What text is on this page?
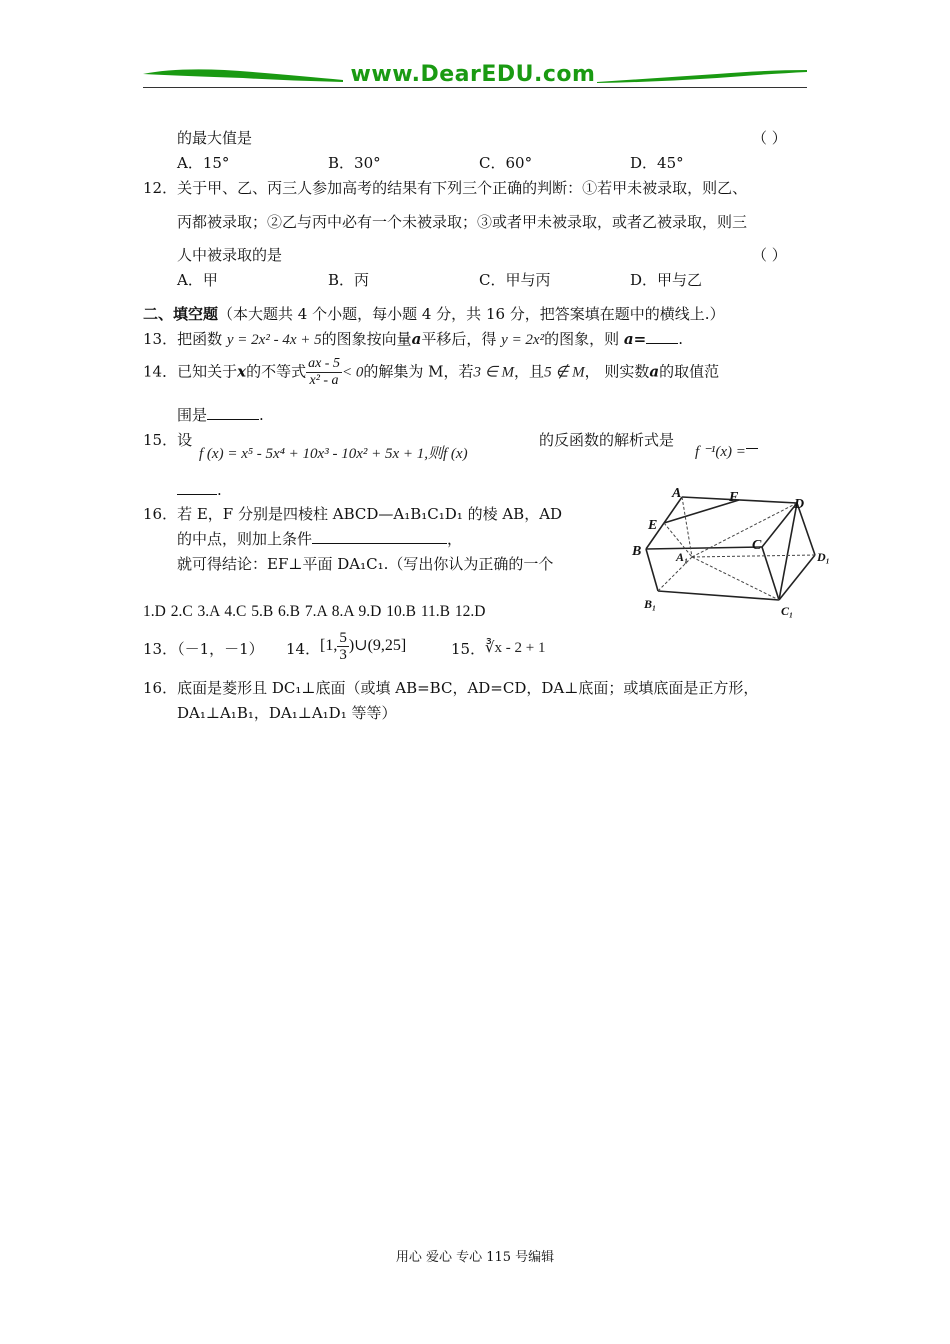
www.DearEDU.com
的最大值是	（ ）
A．15°	B．30°	C．60°	D．45°
12．关于甲、乙、丙三人参加高考的结果有下列三个正确的判断：①若甲未被录取，则乙、
丙都被录取；②乙与丙中必有一个未被录取；③或者甲未被录取，或者乙被录取，则三
人中被录取的是	（ ）
A．甲	B．丙	C．甲与丙	D．甲与乙
二、填空题（本大题共 4 个小题，每小题 4 分，共 16 分，把答案填在题中的横线上.）
13．把函数 y = 2x² - 4x + 5的图象按向量a平移后，得 y = 2x²的图象，则 a= .
14．已知关于x的不等式 $\frac{ax - 5}{\text{x² - a}} < 0$的解集为 M，若3 ∈ M，且5 ∉ M， 则实数a的取值范
围是	.
15．设
f (x) = x⁵ - 5x⁴ + 10x³ - 10x² + 5x + 1,则f (x)
的反函数的解析式是
f ⁻¹(x) =
.
16．若 E，F 分别是四棱柱 ABCD—A₁B₁C₁D₁ 的棱 AB，AD
的中点，则加上条件	，
就可得结论：EF⊥平面 DA₁C₁.（写出你认为正确的一个
A	F	D
E
B	A₁
C
D₁
B₁	C₁
1.D 2.C 3.A 4.C 5.B 6.B 7.A 8.A 9.D 10.B 11.B 12.D
13．（－1，－1） 14． [1, $\frac{5}{3}$ )∪(9,25]	15． ∛x - 2 + 1
16．底面是菱形且 DC₁⊥底面（或填 AB=BC，AD=CD，DA⊥底面；或填底面是正方形，
DA₁⊥A₁B₁，DA₁⊥A₁D₁ 等等）
用心 爱心 专心 115 号编辑
